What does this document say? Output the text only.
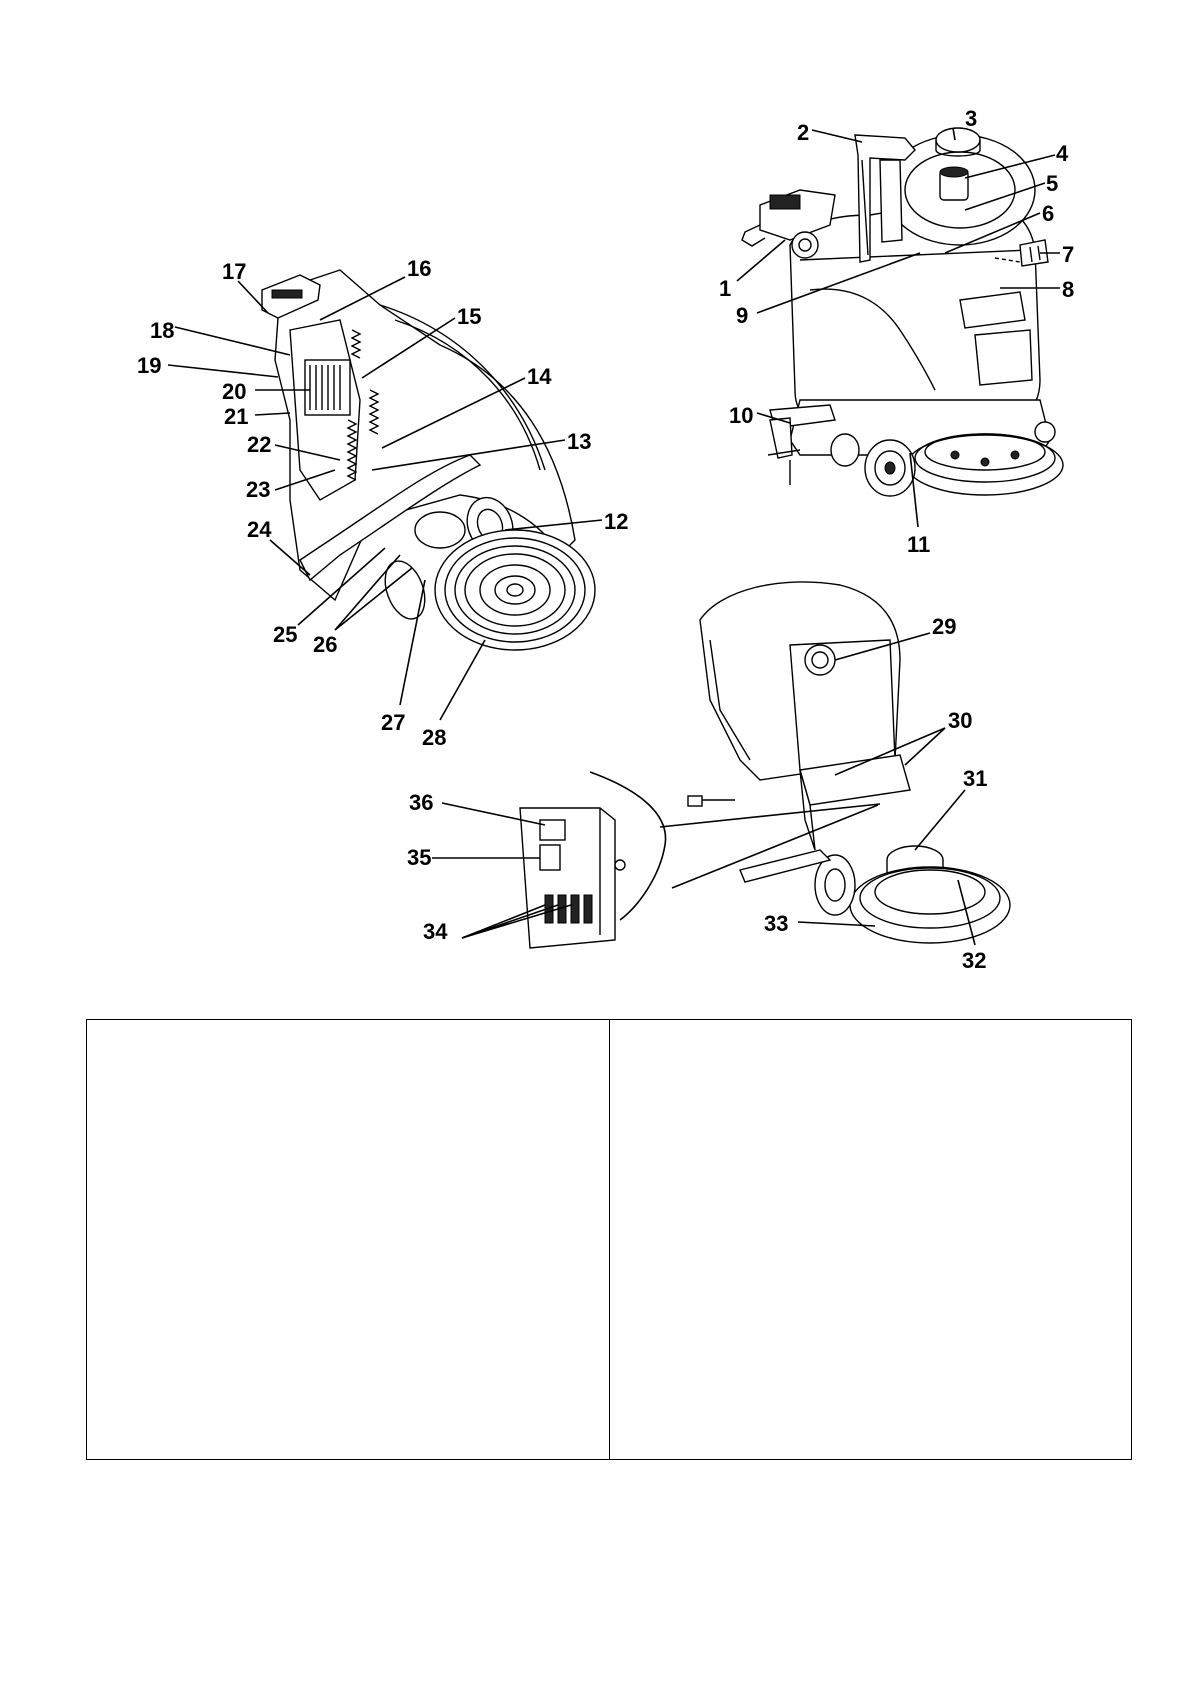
1
2
3
4
5
6
7
8
9
10
11
12
13
14
15
16
17
18
19
20
21
22
23
24
25 26
27
28
29
30
31
32
33
34
35
36
